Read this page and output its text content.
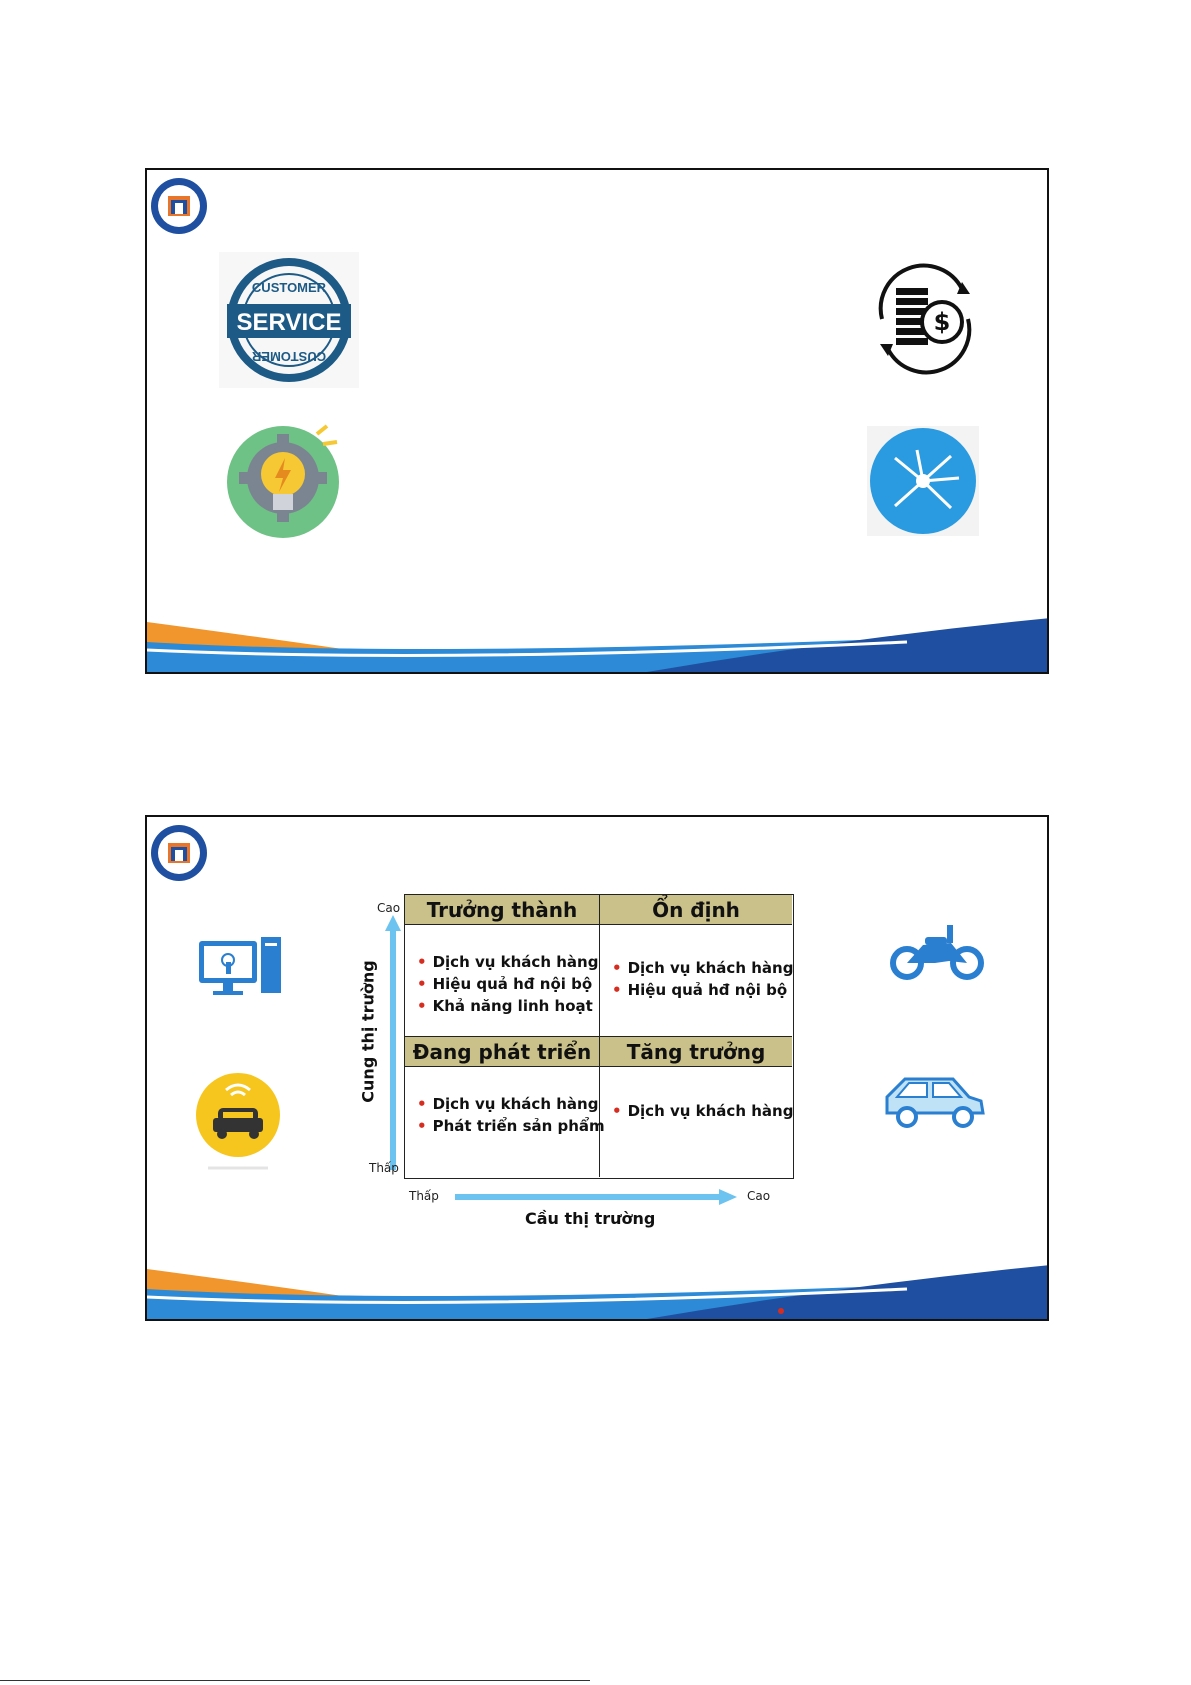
SERVICE
CUSTOMER
CUSTOMER
$
Cao
Thấp
Cung thị trường
Thấp	Cao
Cầu thị trường
Trưởng thành
• Dịch vụ khách hàng
• Hiệu quả hđ nội bộ
• Khả năng linh hoạt
Ổn định
• Dịch vụ khách hàng
• Hiệu quả hđ nội bộ
Đang phát triển
• Dịch vụ khách hàng
• Phát triển sản phẩm
Tăng trưởng
• Dịch vụ khách hàng
